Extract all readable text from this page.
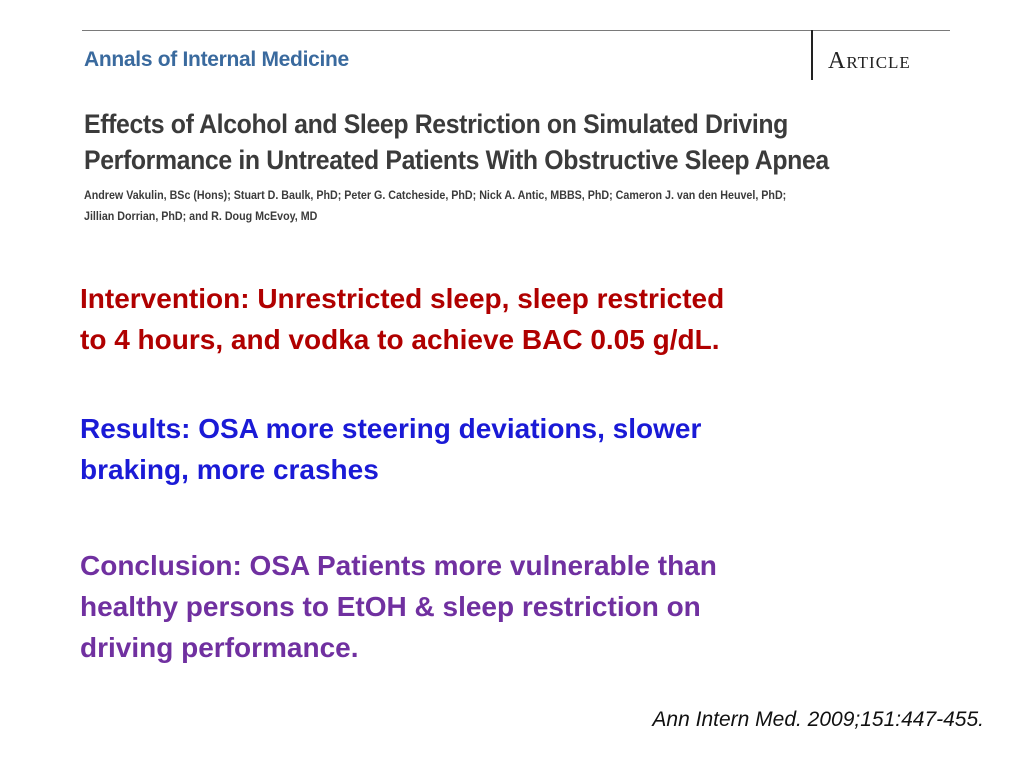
Annals of Internal Medicine	Article
Effects of Alcohol and Sleep Restriction on Simulated Driving
Performance in Untreated Patients With Obstructive Sleep Apnea
Andrew Vakulin, BSc (Hons); Stuart D. Baulk, PhD; Peter G. Catcheside, PhD; Nick A. Antic, MBBS, PhD; Cameron J. van den Heuvel, PhD;
Jillian Dorrian, PhD; and R. Doug McEvoy, MD

Intervention: Unrestricted sleep, sleep restricted
to 4 hours, and vodka to achieve BAC 0.05 g/dL.

Results: OSA more steering deviations, slower
braking, more crashes

Conclusion: OSA Patients more vulnerable than
healthy persons to EtOH & sleep restriction on
driving performance.

Ann Intern Med. 2009;151:447-455.
